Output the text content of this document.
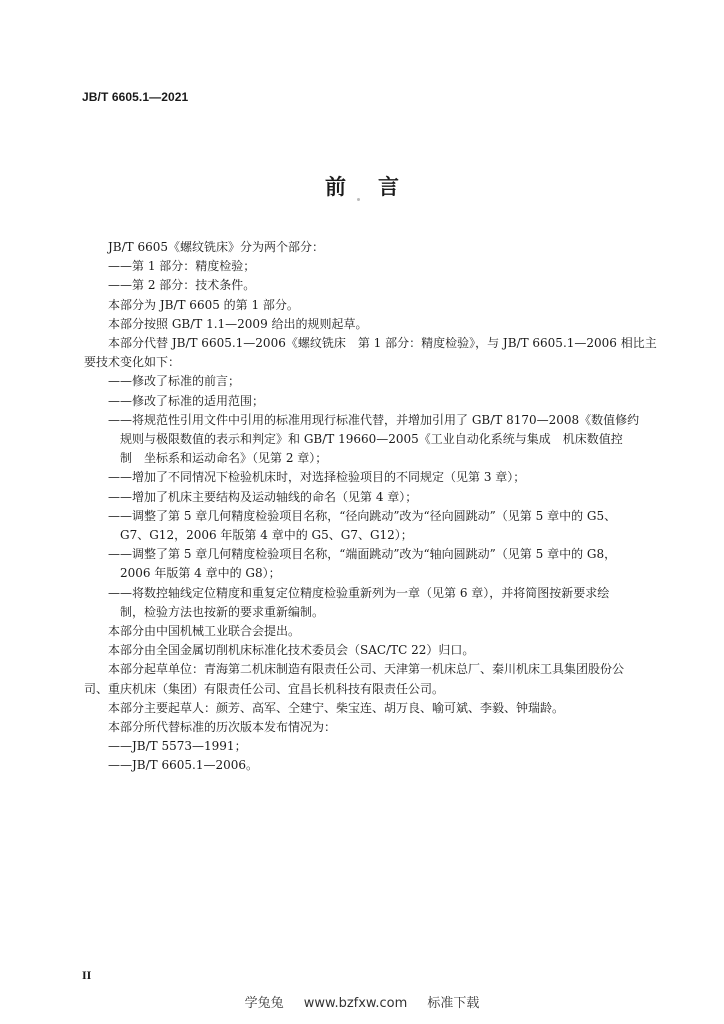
JB/T 6605.1—2021
前 言
JB/T 6605《螺纹铣床》分为两个部分：
——第 1 部分：精度检验；
——第 2 部分：技术条件。
本部分为 JB/T 6605 的第 1 部分。
本部分按照 GB/T 1.1—2009 给出的规则起草。
本部分代替 JB/T 6605.1—2006《螺纹铣床　第 1 部分：精度检验》，与 JB/T 6605.1—2006 相比主
要技术变化如下：
——修改了标准的前言；
——修改了标准的适用范围；
——将规范性引用文件中引用的标准用现行标准代替，并增加引用了 GB/T 8170—2008《数值修约
规则与极限数值的表示和判定》和 GB/T 19660—2005《工业自动化系统与集成　机床数值控
制　坐标系和运动命名》（见第 2 章）；
——增加了不同情况下检验机床时，对选择检验项目的不同规定（见第 3 章）；
——增加了机床主要结构及运动轴线的命名（见第 4 章）；
——调整了第 5 章几何精度检验项目名称，“径向跳动”改为“径向圆跳动”（见第 5 章中的 G5、
G7、G12，2006 年版第 4 章中的 G5、G7、G12）；
——调整了第 5 章几何精度检验项目名称，“端面跳动”改为“轴向圆跳动”（见第 5 章中的 G8，
2006 年版第 4 章中的 G8）；
——将数控轴线定位精度和重复定位精度检验重新列为一章（见第 6 章），并将简图按新要求绘
制，检验方法也按新的要求重新编制。
本部分由中国机械工业联合会提出。
本部分由全国金属切削机床标准化技术委员会（SAC/TC 22）归口。
本部分起草单位：青海第二机床制造有限责任公司、天津第一机床总厂、秦川机床工具集团股份公
司、重庆机床（集团）有限责任公司、宜昌长机科技有限责任公司。
本部分主要起草人：颜芳、高军、仝建宁、柴宝连、胡万良、喻可斌、李毅、钟瑞龄。
本部分所代替标准的历次版本发布情况为：
——JB/T 5573—1991；
——JB/T 6605.1—2006。
II
学兔兔 www.bzfxw.com 标准下载
